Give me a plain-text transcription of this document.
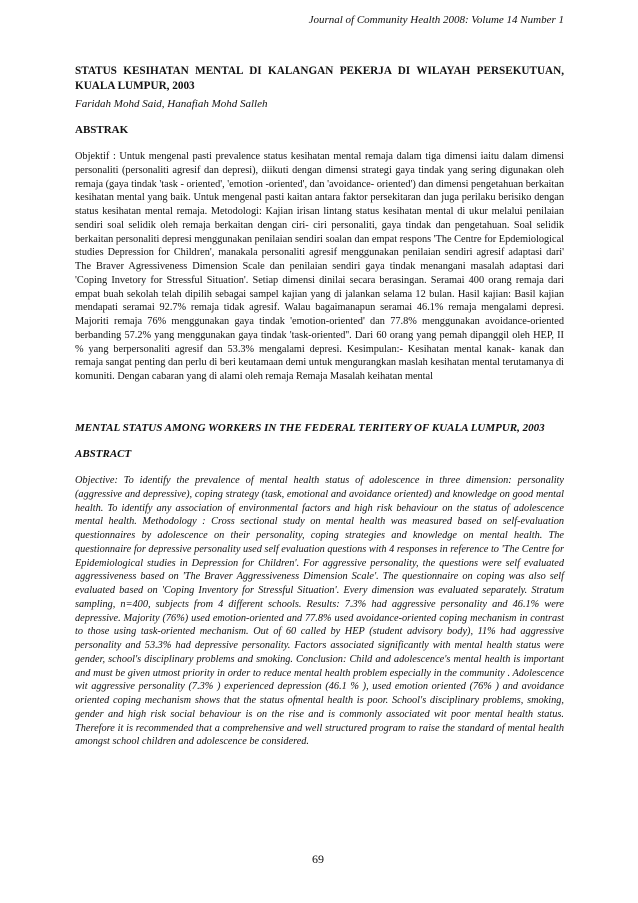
Journal of Community Health 2008: Volume 14 Number 1
STATUS KESIHATAN MENTAL DI KALANGAN PEKERJA DI WILAYAH PERSEKUTUAN, KUALA LUMPUR, 2003
Faridah Mohd Said, Hanafiah Mohd Salleh
ABSTRAK
Objektif : Untuk mengenal pasti prevalence status kesihatan mental remaja dalam tiga dimensi iaitu dalam dimensi personaliti (personaliti agresif dan depresi), diikuti dengan dimensi strategi gaya tindak yang sering digunakan oleh remaja (gaya tindak 'task - oriented', 'emotion -oriented', dan 'avoidance- oriented') dan dimensi pengetahuan berkaitan kesihatan mental yang baik. Untuk mengenal pasti kaitan antara faktor persekitaran dan juga perilaku berisiko dengan status kesihatan mental remaja. Metodologi: Kajian irisan lintang status kesihatan mental di ukur melalui penilaian sendiri soal selidik oleh remaja berkaitan dengan ciri- ciri personaliti, gaya tindak dan pengetahuan. Soal selidik berkaitan personaliti depresi menggunakan penilaian sendiri soalan dan empat respons 'The Centre for Epdemiological studies Depression for Children', manakala personaliti agresif menggunakan penilaian sendiri agresif adaptasi dari' The Braver Agressiveness Dimension Scale dan penilaian sendiri gaya tindak menangani masalah adaptasi dari 'Coping Invetory for Stressful Situation'. Setiap dimensi dinilai secara berasingan. Seramai 400 orang remaja dari empat buah sekolah telah dipilih sebagai sampel kajian yang di jalankan selama 12 bulan. Hasil kajian: Basil kajian mendapati seramai 92.7% remaja tidak agresif. Walau bagaimanapun seramai 46.1% remaja mengalami depresi. Majoriti remaja 76% menggunakan gaya tindak 'emotion-oriented' dan 77.8% menggunakan avoidance-oriented berbanding 57.2% yang menggunakan gaya tindak 'task-oriented''. Dari 60 orang yang pemah dipanggil oleh HEP, II % yang berpersonaliti agresif dan 53.3% mengalami depresi. Kesimpulan:- Kesihatan mental kanak- kanak dan remaja sangat penting dan perlu di beri keutamaan demi untuk mengurangkan maslah kesihatan mental terutamanya di komuniti. Dengan cabaran yang di alami oleh remaja Remaja Masalah keihatan mental
MENTAL STATUS AMONG WORKERS IN THE FEDERAL TERITERY OF KUALA LUMPUR, 2003
ABSTRACT
Objective: To identify the prevalence of mental health status of adolescence in three dimension: personality (aggressive and depressive), coping strategy (task, emotional and avoidance oriented) and knowledge on good mental health. To identify any association of environmental factors and high risk behaviour on the status of adolescence mental health. Methodology : Cross sectional study on mental health was measured based on self-evaluation questionnaires by adolescence on their personality, coping strategies and knowledge on mental health. The questionnaire for depressive personality used self evaluation questions with 4 responses in reference to 'The Centre for Epidemiological studies in Depression for Children'. For aggressive personality, the questions were self evaluated aggressiveness based on 'The Braver Aggressiveness Dimension Scale'. The questionnaire on coping was also self evaluated based on 'Coping Inventory for Stressful Situation'. Every dimension was evaluated separately. Stratum sampling, n=400, subjects from 4 different schools. Results: 7.3% had aggressive personality and 46.1% were depressive. Majority (76%) used emotion-oriented and 77.8% used avoidance-oriented coping mechanism in contrast to those using task-oriented mechanism. Out of 60 called by HEP (student advisory body), 11% had aggressive personality and 53.3% had depressive personality. Factors associated significantly with mental health status were gender, school's disciplinary problems and smoking. Conclusion: Child and adolescence's mental health is important and must be given utmost priority in order to reduce mental health problem especially in the community . Adolescence wit aggressive personality (7.3% ) experienced depression (46.1 % ), used emotion oriented (76% ) and avoidance oriented coping mechanism shows that the status ofmental health is poor. School's disciplinary problems, smoking, gender and high risk social behaviour is on the rise and is commonly associated wit poor mental health status. Therefore it is recommended that a comprehensive and well structured program to raise the standard of mental health amongst school children and adolescence be considered.
69
